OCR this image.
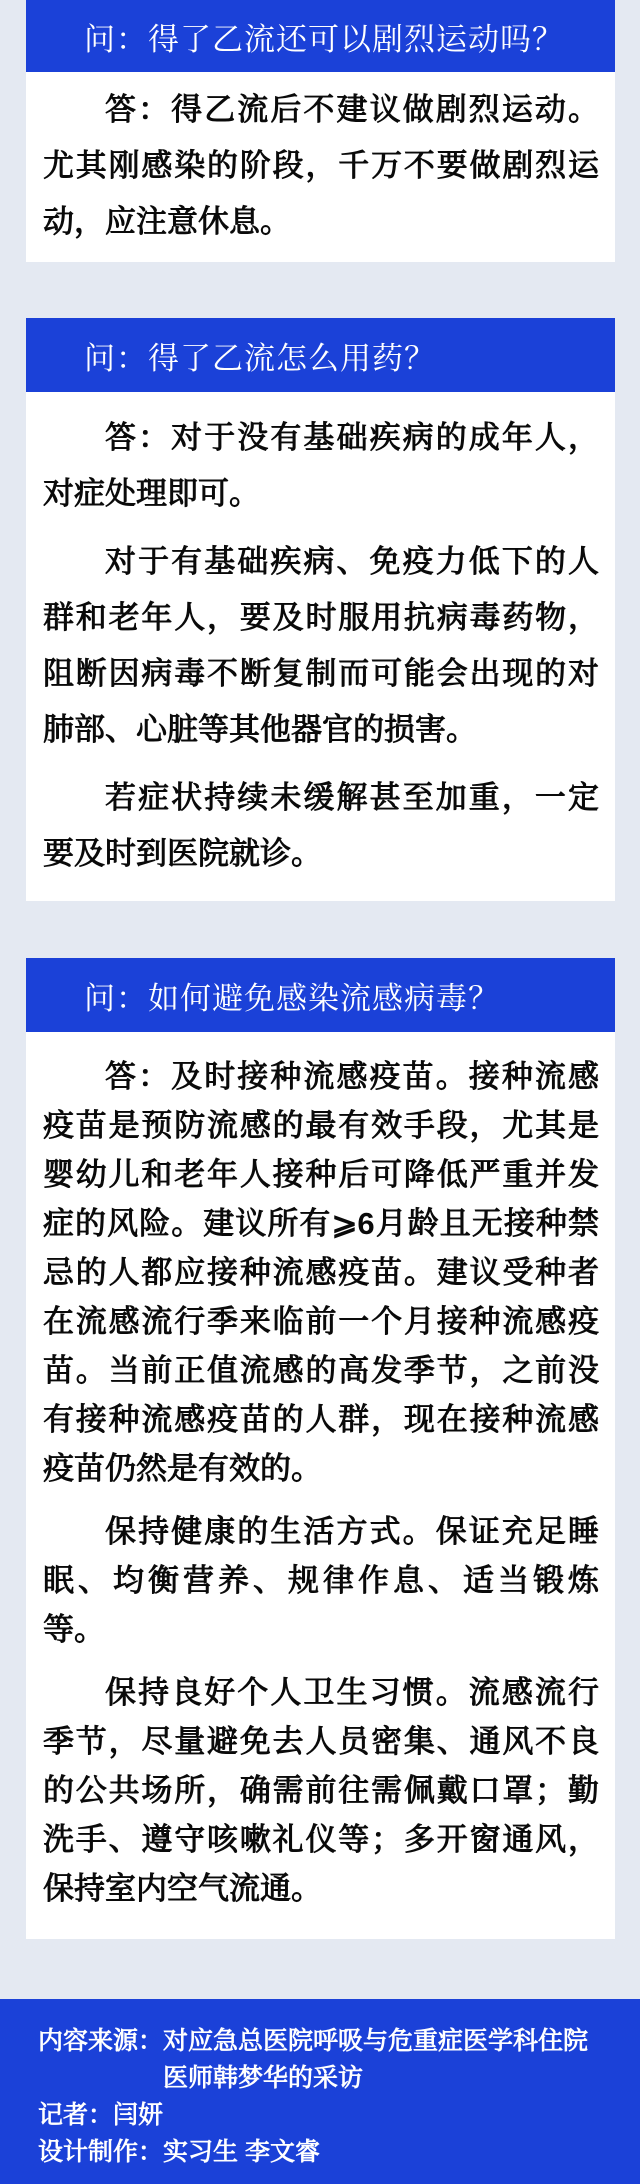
问：得了乙流还可以剧烈运动吗？

答：得乙流后不建议做剧烈运动。尤其刚感染的阶段，千万不要做剧烈运动，应注意休息。

问：得了乙流怎么用药？

答：对于没有基础疾病的成年人，对症处理即可。

对于有基础疾病、免疫力低下的人群和老年人，要及时服用抗病毒药物，阻断因病毒不断复制而可能会出现的对肺部、心脏等其他器官的损害。

若症状持续未缓解甚至加重，一定要及时到医院就诊。

问：如何避免感染流感病毒？

答：及时接种流感疫苗。接种流感疫苗是预防流感的最有效手段，尤其是婴幼儿和老年人接种后可降低严重并发症的风险。建议所有⩾6月龄且无接种禁忌的人都应接种流感疫苗。建议受种者在流感流行季来临前一个月接种流感疫苗。当前正值流感的高发季节，之前没有接种流感疫苗的人群，现在接种流感疫苗仍然是有效的。

保持健康的生活方式。保证充足睡眠、均衡营养、规律作息、适当锻炼等。

保持良好个人卫生习惯。流感流行季节，尽量避免去人员密集、通风不良的公共场所，确需前往需佩戴口罩；勤洗手、遵守咳嗽礼仪等；多开窗通风，保持室内空气流通。

内容来源： 对应急总医院呼吸与危重症医学科住院医师韩梦华的采访
记者：闫妍
设计制作：实习生 李文睿
